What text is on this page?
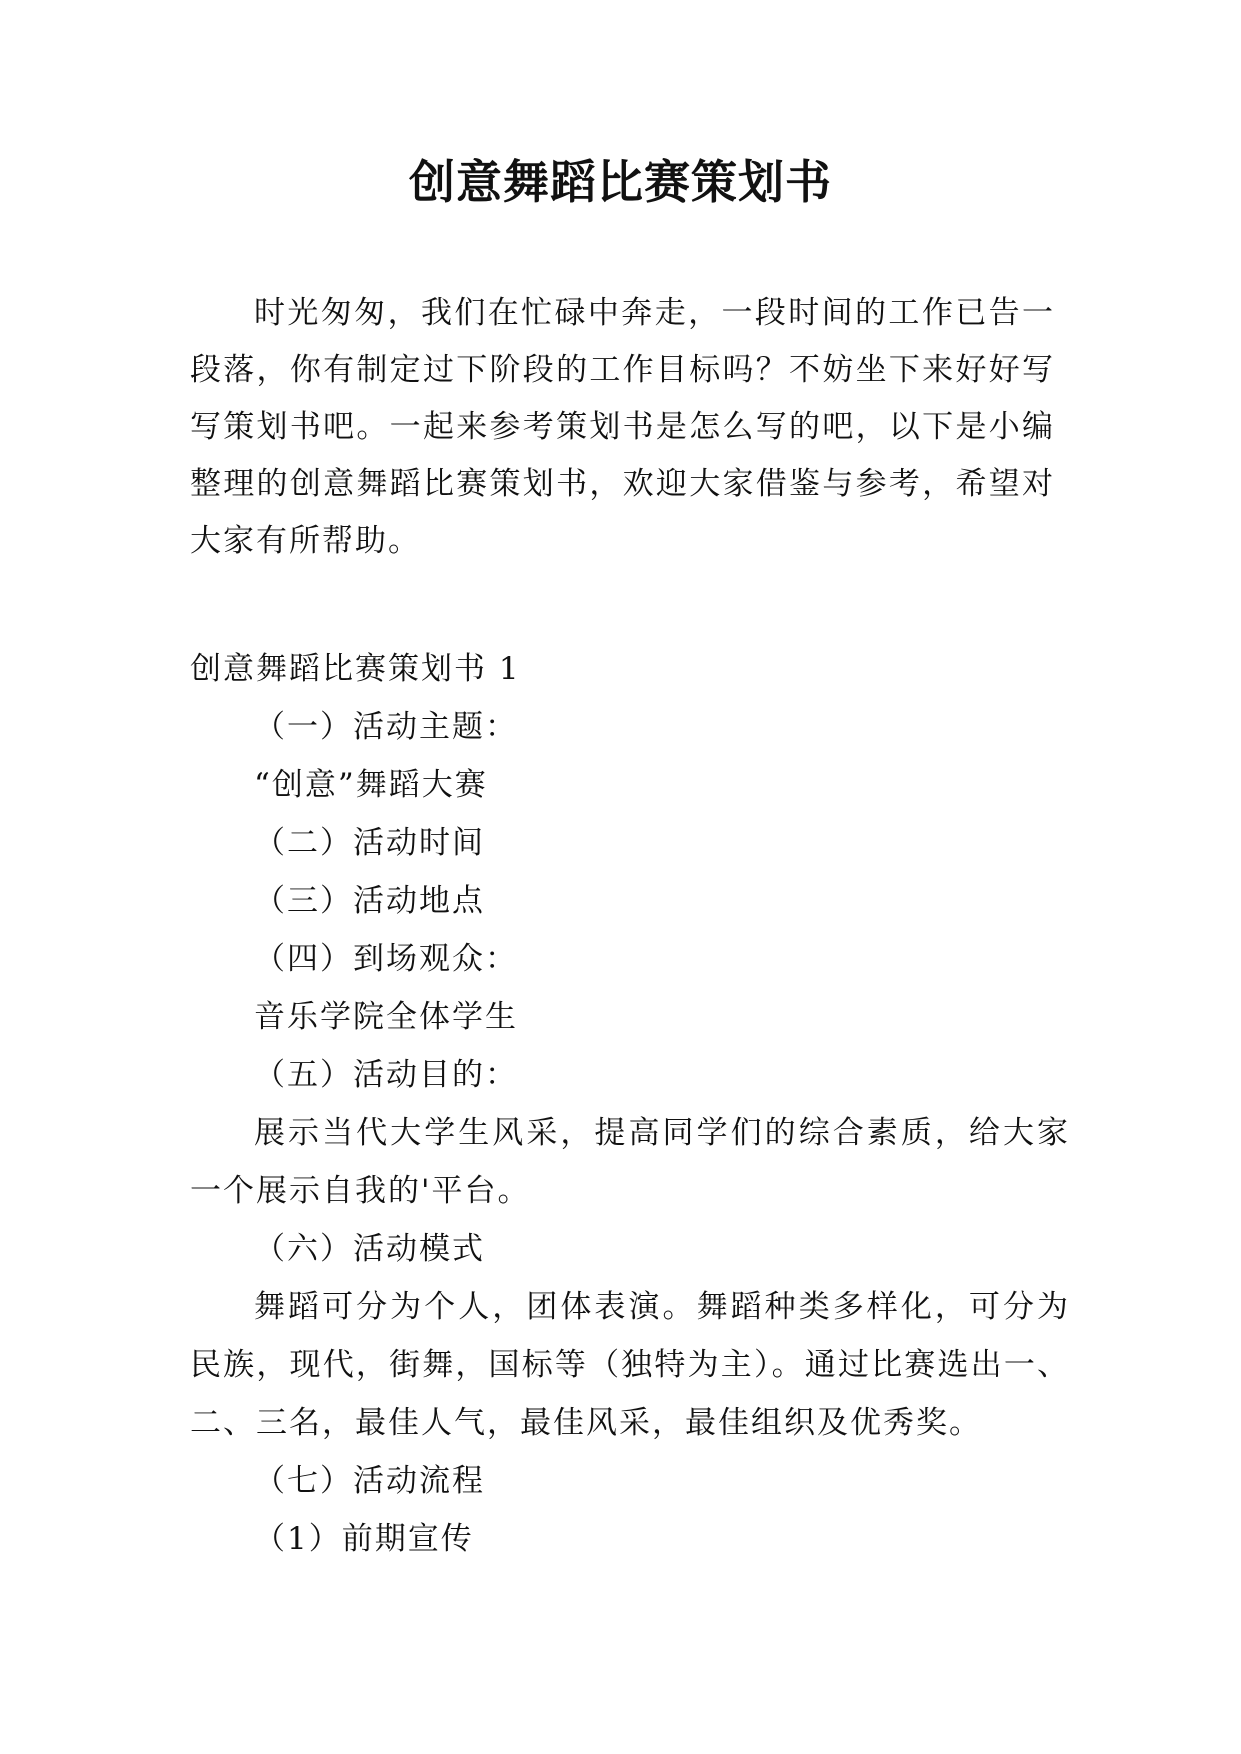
创意舞蹈比赛策划书

时光匆匆，我们在忙碌中奔走，一段时间的工作已告一段落，你有制定过下阶段的工作目标吗？不妨坐下来好好写写策划书吧。一起来参考策划书是怎么写的吧，以下是小编整理的创意舞蹈比赛策划书，欢迎大家借鉴与参考，希望对大家有所帮助。

创意舞蹈比赛策划书 1

（一）活动主题：

“创意”舞蹈大赛

（二）活动时间

（三）活动地点

（四）到场观众：

音乐学院全体学生

（五）活动目的：

展示当代大学生风采，提高同学们的综合素质，给大家一个展示自我的'平台。

（六）活动模式

舞蹈可分为个人，团体表演。舞蹈种类多样化，可分为民族，现代，街舞，国标等（独特为主）。通过比赛选出一、二、三名，最佳人气，最佳风采，最佳组织及优秀奖。

（七）活动流程

（1）前期宣传
